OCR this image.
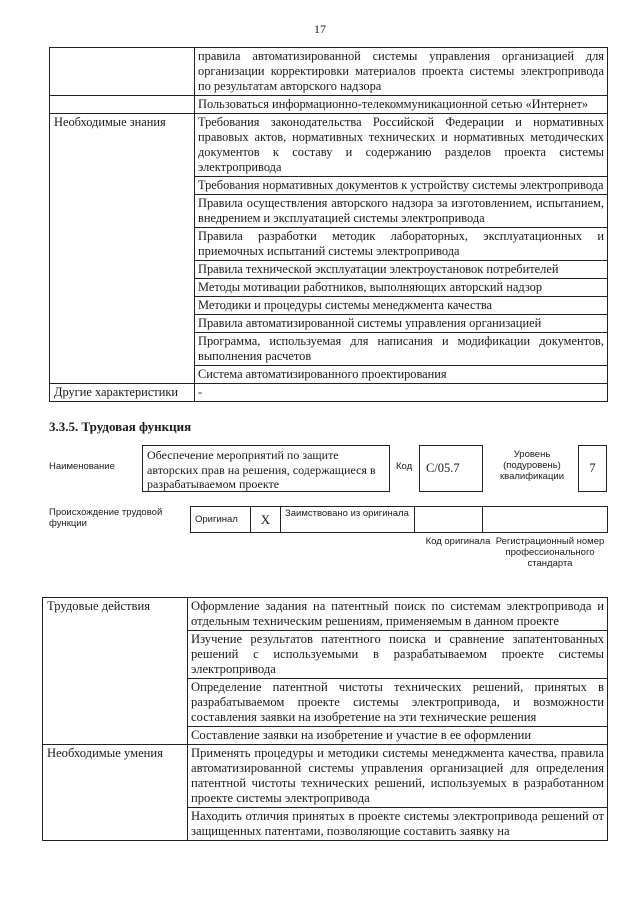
17
	правила автоматизированной системы управления организацией для организации корректировки материалов проекта системы электропривода по результатам авторского надзора
	Пользоваться информационно-телекоммуникационной сетью «Интернет»
Необходимые знания	Требования законодательства Российской Федерации и нормативных правовых актов, нормативных технических и нормативных методических документов к составу и содержанию разделов проекта системы электропривода
	Требования нормативных документов к устройству системы электропривода
	Правила осуществления авторского надзора за изготовлением, испытанием, внедрением и эксплуатацией системы электропривода
	Правила разработки методик лабораторных, эксплуатационных и приемочных испытаний системы электропривода
	Правила технической эксплуатации электроустановок потребителей
	Методы мотивации работников, выполняющих авторский надзор
	Методики и процедуры системы менеджмента качества
	Правила автоматизированной системы управления организацией
	Программа, используемая для написания и модификации документов, выполнения расчетов
	Система автоматизированного проектирования
Другие характеристики	-
3.3.5. Трудовая функция
Наименование
Обеспечение мероприятий по защите авторских прав на решения, содержащиеся в разрабатываемом проекте
Код	C/05.7
Уровень (подуровень) квалификации
7
Происхождение трудовой функции	Оригинал	X	Заимствовано из оригинала		
Код оригинала Регистрационный номер профессионального стандарта
Трудовые действия	Оформление задания на патентный поиск по системам электропривода и отдельным техническим решениям, применяемым в данном проекте
	Изучение результатов патентного поиска и сравнение запатентованных решений с используемыми в разрабатываемом проекте системы электропривода
	Определение патентной чистоты технических решений, принятых в разрабатываемом проекте системы электропривода, и возможности составления заявки на изобретение на эти технические решения
	Составление заявки на изобретение и участие в ее оформлении
Необходимые умения	Применять процедуры и методики системы менеджмента качества, правила автоматизированной системы управления организацией для определения патентной чистоты технических решений, используемых в разработанном проекте системы электропривода
	Находить отличия принятых в проекте системы электропривода решений от защищенных патентами, позволяющие составить заявку на
